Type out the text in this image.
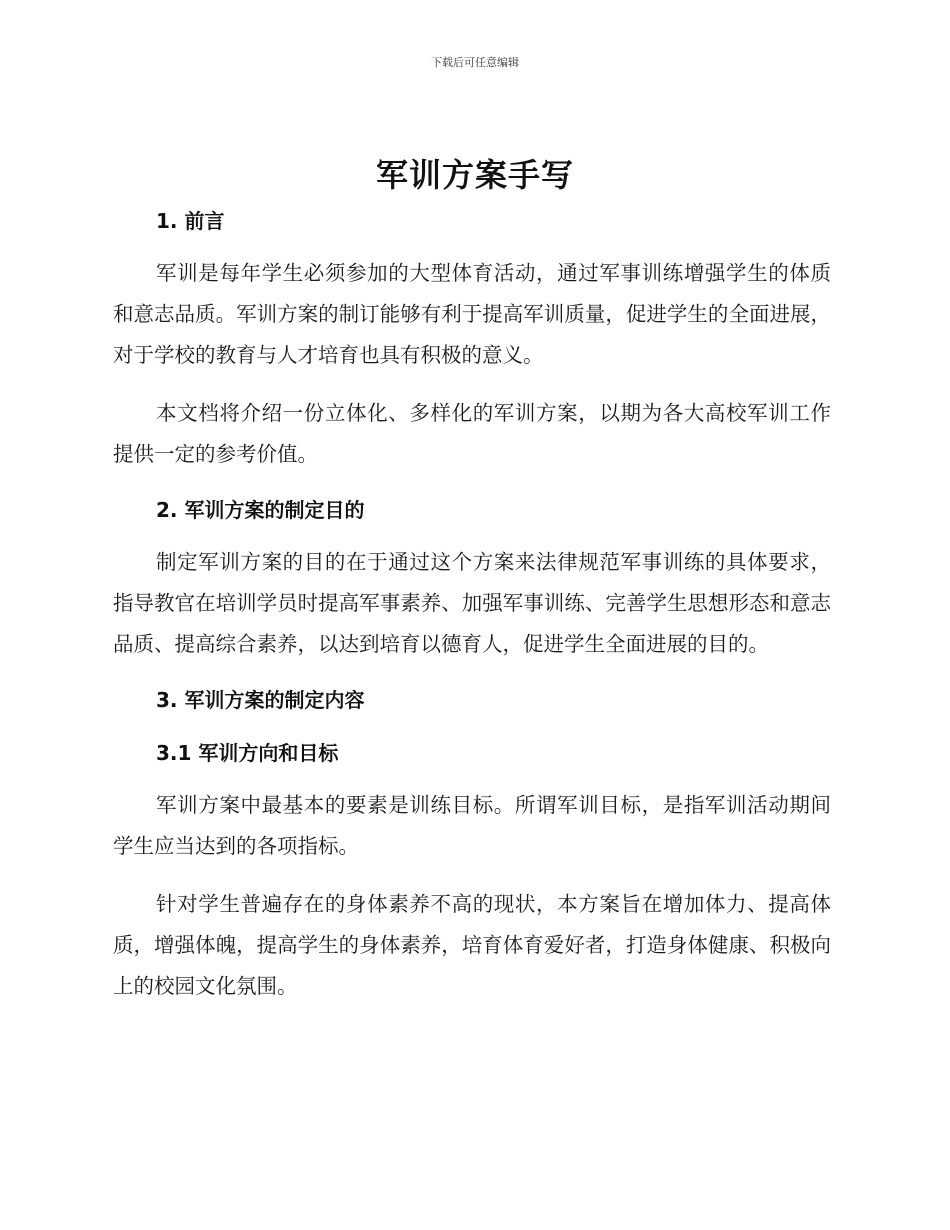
下载后可任意编辑
军训方案手写
1. 前言

军训是每年学生必须参加的大型体育活动，通过军事训练增强学生的体质和意志品质。军训方案的制订能够有利于提高军训质量，促进学生的全面进展，对于学校的教育与人才培育也具有积极的意义。

本文档将介绍一份立体化、多样化的军训方案，以期为各大高校军训工作提供一定的参考价值。

2. 军训方案的制定目的

制定军训方案的目的在于通过这个方案来法律规范军事训练的具体要求，指导教官在培训学员时提高军事素养、加强军事训练、完善学生思想形态和意志品质、提高综合素养，以达到培育以德育人，促进学生全面进展的目的。

3. 军训方案的制定内容
3.1 军训方向和目标

军训方案中最基本的要素是训练目标。所谓军训目标，是指军训活动期间学生应当达到的各项指标。

针对学生普遍存在的身体素养不高的现状，本方案旨在增加体力、提高体质，增强体魄，提高学生的身体素养，培育体育爱好者，打造身体健康、积极向上的校园文化氛围。
